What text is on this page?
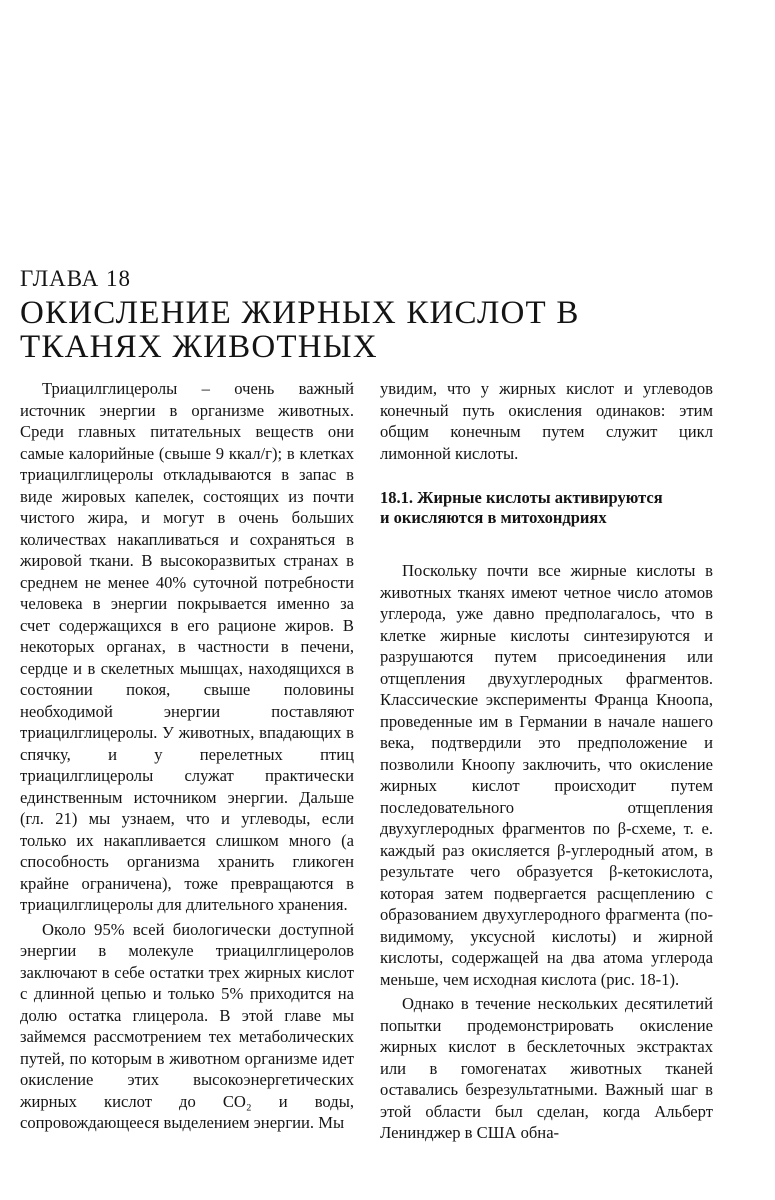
ГЛАВА 18
ОКИСЛЕНИЕ ЖИРНЫХ КИСЛОТ В ТКАНЯХ ЖИВОТНЫХ

Триацилглицеролы – очень важный источник энергии в организме животных. Среди главных питательных веществ они самые калорийные (свыше 9 ккал/г); в клетках триацилглицеролы откладываются в запас в виде жировых капелек, состоящих из почти чистого жира, и могут в очень больших количествах накапливаться и сохраняться в жировой ткани. В высокоразвитых странах в среднем не менее 40% суточной потребности человека в энергии покрывается именно за счет содержащихся в его рационе жиров. В некоторых органах, в частности в печени, сердце и в скелетных мышцах, находящихся в состоянии покоя, свыше половины необходимой энергии поставляют триацилглицеролы. У животных, впадающих в спячку, и у перелетных птиц триацилглицеролы служат практически единственным источником энергии. Дальше (гл. 21) мы узнаем, что и углеводы, если только их накапливается слишком много (а способность организма хранить гликоген крайне ограничена), тоже превращаются в триацилглицеролы для длительного хранения.

Около 95% всей биологически доступной энергии в молекуле триацилглицеролов заключают в себе остатки трех жирных кислот с длинной цепью и только 5% приходится на долю остатка глицерола. В этой главе мы займемся рассмотрением тех метаболических путей, по которым в животном организме идет окисление этих высокоэнергетических жирных кислот до CO₂ и воды, сопровождающееся выделением энергии. Мы

увидим, что у жирных кислот и углеводов конечный путь окисления одинаков: этим общим конечным путем служит цикл лимонной кислоты.

18.1. Жирные кислоты активируются и окисляются в митохондриях

Поскольку почти все жирные кислоты в животных тканях имеют четное число атомов углерода, уже давно предполагалось, что в клетке жирные кислоты синтезируются и разрушаются путем присоединения или отщепления двухуглеродных фрагментов. Классические эксперименты Франца Кноопа, проведенные им в Германии в начале нашего века, подтвердили это предположение и позволили Кноопу заключить, что окисление жирных кислот происходит путем последовательного отщепления двухуглеродных фрагментов по β-схеме, т. е. каждый раз окисляется β-углеродный атом, в результате чего образуется β-кетокислота, которая затем подвергается расщеплению с образованием двухуглеродного фрагмента (по-видимому, уксусной кислоты) и жирной кислоты, содержащей на два атома углерода меньше, чем исходная кислота (рис. 18-1).

Однако в течение нескольких десятилетий попытки продемонстрировать окисление жирных кислот в бесклеточных экстрактах или в гомогенатах животных тканей оставались безрезультатными. Важный шаг в этой области был сделан, когда Альберт Ленинджер в США обна-
